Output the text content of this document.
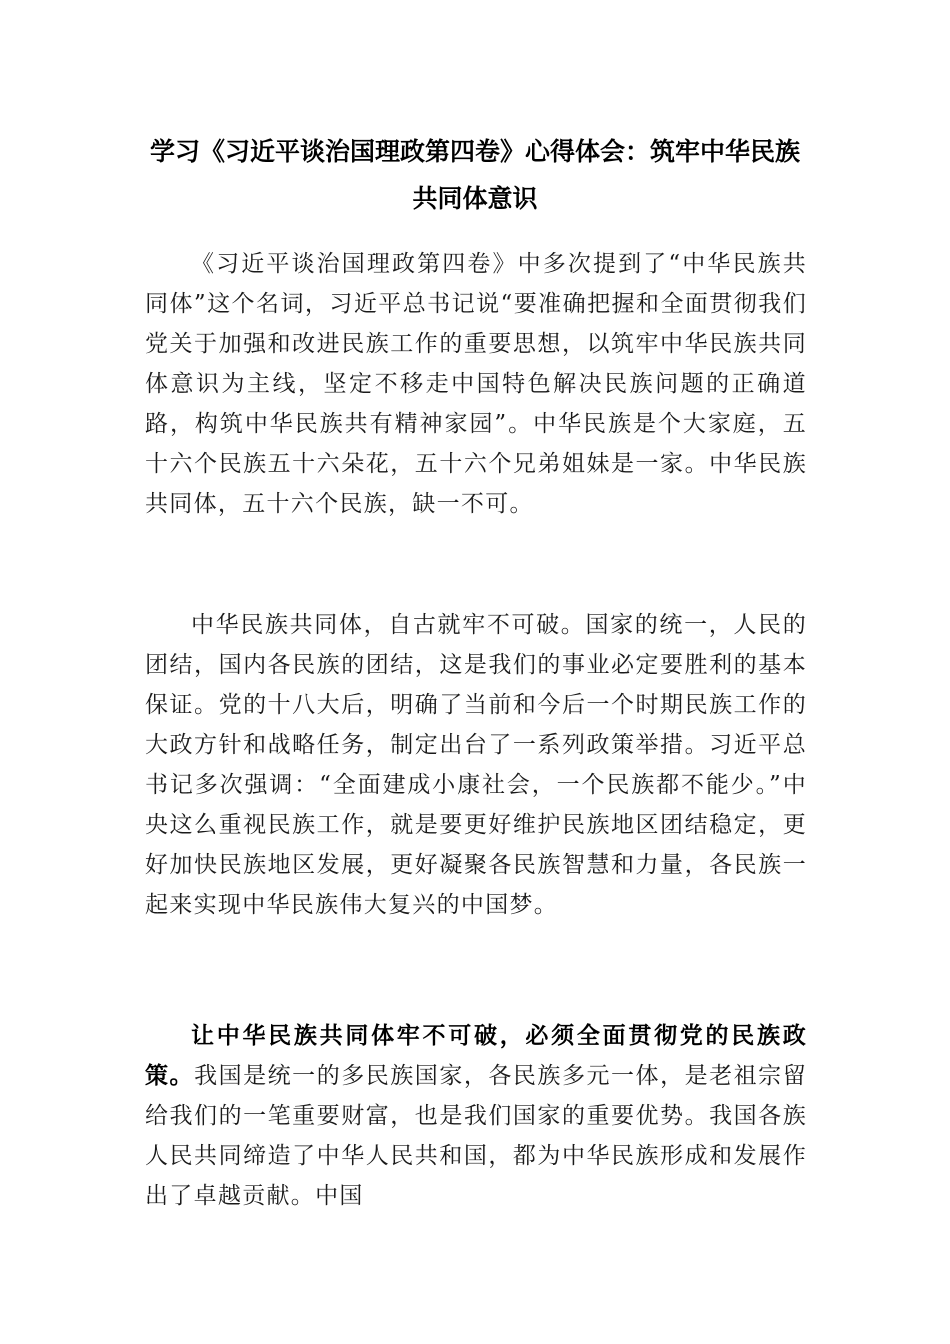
学习《习近平谈治国理政第四卷》心得体会：筑牢中华民族共同体意识

《习近平谈治国理政第四卷》中多次提到了“中华民族共同体”这个名词，习近平总书记说“要准确把握和全面贯彻我们党关于加强和改进民族工作的重要思想，以筑牢中华民族共同体意识为主线，坚定不移走中国特色解决民族问题的正确道路，构筑中华民族共有精神家园”。中华民族是个大家庭，五十六个民族五十六朵花，五十六个兄弟姐妹是一家。中华民族共同体，五十六个民族，缺一不可。

中华民族共同体，自古就牢不可破。国家的统一，人民的团结，国内各民族的团结，这是我们的事业必定要胜利的基本保证。党的十八大后，明确了当前和今后一个时期民族工作的大政方针和战略任务，制定出台了一系列政策举措。习近平总书记多次强调：“全面建成小康社会，一个民族都不能少。”中央这么重视民族工作，就是要更好维护民族地区团结稳定，更好加快民族地区发展，更好凝聚各民族智慧和力量，各民族一起来实现中华民族伟大复兴的中国梦。

让中华民族共同体牢不可破，必须全面贯彻党的民族政策。我国是统一的多民族国家，各民族多元一体，是老祖宗留给我们的一笔重要财富，也是我们国家的重要优势。我国各族人民共同缔造了中华人民共和国，都为中华民族形成和发展作出了卓越贡献。中国
